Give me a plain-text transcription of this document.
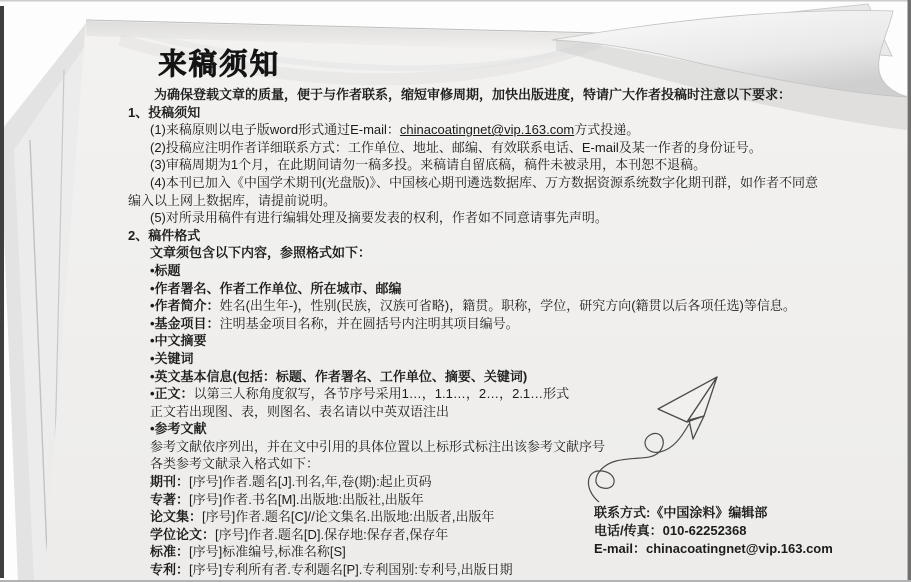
来稿须知

为确保登载文章的质量，便于与作者联系，缩短审修周期，加快出版进度，特请广大作者投稿时注意以下要求：

1、投稿须知

(1)来稿原则以电子版word形式通过E-mail：chinacoatingnet@vip.163.com方式投递。

(2)投稿应注明作者详细联系方式：工作单位、地址、邮编、有效联系电话、E-mail及某一作者的身份证号。

(3)审稿周期为1个月，在此期间请勿一稿多投。来稿请自留底稿，稿件未被录用，本刊恕不退稿。

(4)本刊已加入《中国学术期刊(光盘版)》、中国核心期刊遴选数据库、万方数据资源系统数字化期刊群，如作者不同意编入以上网上数据库，请提前说明。

(5)对所录用稿件有进行编辑处理及摘要发表的权利，作者如不同意请事先声明。

2、稿件格式

文章须包含以下内容，参照格式如下：

•标题

•作者署名、作者工作单位、所在城市、邮编

•作者简介：姓名(出生年-)，性别(民族，汉族可省略)，籍贯。职称，学位，研究方向(籍贯以后各项任选)等信息。

•基金项目：注明基金项目名称，并在圆括号内注明其项目编号。

•中文摘要

•关键词

•英文基本信息(包括：标题、作者署名、工作单位、摘要、关键词)

•正文：以第三人称角度叙写，各节序号采用1…，1.1…，2…，2.1…形式

正文若出现图、表，则图名、表名请以中英双语注出

•参考文献

参考文献依序列出，并在文中引用的具体位置以上标形式标注出该参考文献序号

各类参考文献录入格式如下：

期刊：[序号]作者.题名[J].刊名,年,卷(期):起止页码

专著：[序号]作者.书名[M].出版地:出版社,出版年

论文集：[序号]作者.题名[C]//论文集名.出版地:出版者,出版年

学位论文：[序号]作者.题名[D].保存地:保存者,保存年

标准：[序号]标准编号,标准名称[S]

专利：[序号]专利所有者.专利题名[P].专利国别:专利号,出版日期

联系方式:《中国涂料》编辑部
电话/传真：010-62252368
E-mail：chinacoatingnet@vip.163.com
